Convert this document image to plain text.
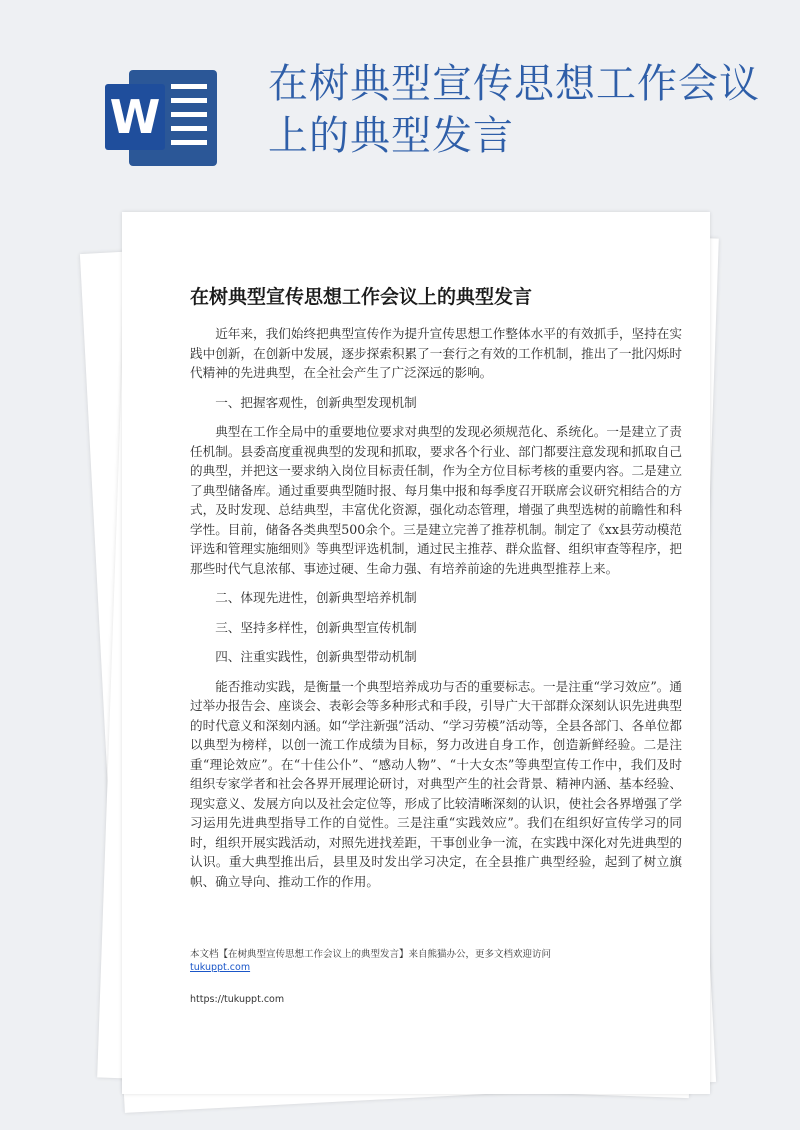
W
在树典型宣传思想工作会议上的典型发言
在树典型宣传思想工作会议上的典型发言

近年来，我们始终把典型宣传作为提升宣传思想工作整体水平的有效抓手，坚持在实践中创新，在创新中发展，逐步探索积累了一套行之有效的工作机制，推出了一批闪烁时代精神的先进典型，在全社会产生了广泛深远的影响。

一、把握客观性，创新典型发现机制

典型在工作全局中的重要地位要求对典型的发现必须规范化、系统化。一是建立了责任机制。县委高度重视典型的发现和抓取，要求各个行业、部门都要注意发现和抓取自己的典型，并把这一要求纳入岗位目标责任制，作为全方位目标考核的重要内容。二是建立了典型储备库。通过重要典型随时报、每月集中报和每季度召开联席会议研究相结合的方式，及时发现、总结典型，丰富优化资源，强化动态管理，增强了典型选树的前瞻性和科学性。目前，储备各类典型500余个。三是建立完善了推荐机制。制定了《xx县劳动模范评选和管理实施细则》等典型评选机制，通过民主推荐、群众监督、组织审查等程序，把那些时代气息浓郁、事迹过硬、生命力强、有培养前途的先进典型推荐上来。

二、体现先进性，创新典型培养机制

三、坚持多样性，创新典型宣传机制

四、注重实践性，创新典型带动机制

能否推动实践，是衡量一个典型培养成功与否的重要标志。一是注重“学习效应”。通过举办报告会、座谈会、表彰会等多种形式和手段，引导广大干部群众深刻认识先进典型的时代意义和深刻内涵。如“学注新强”活动、“学习劳模”活动等，全县各部门、各单位都以典型为榜样，以创一流工作成绩为目标，努力改进自身工作，创造新鲜经验。二是注重“理论效应”。在“十佳公仆”、“感动人物”、“十大女杰”等典型宣传工作中，我们及时组织专家学者和社会各界开展理论研讨，对典型产生的社会背景、精神内涵、基本经验、现实意义、发展方向以及社会定位等，形成了比较清晰深刻的认识，使社会各界增强了学习运用先进典型指导工作的自觉性。三是注重“实践效应”。我们在组织好宣传学习的同时，组织开展实践活动，对照先进找差距，干事创业争一流，在实践中深化对先进典型的认识。重大典型推出后，县里及时发出学习决定，在全县推广典型经验，起到了树立旗帜、确立导向、推动工作的作用。

本文档【在树典型宣传思想工作会议上的典型发言】来自熊猫办公，更多文档欢迎访问
tukuppt.com
https://tukuppt.com
